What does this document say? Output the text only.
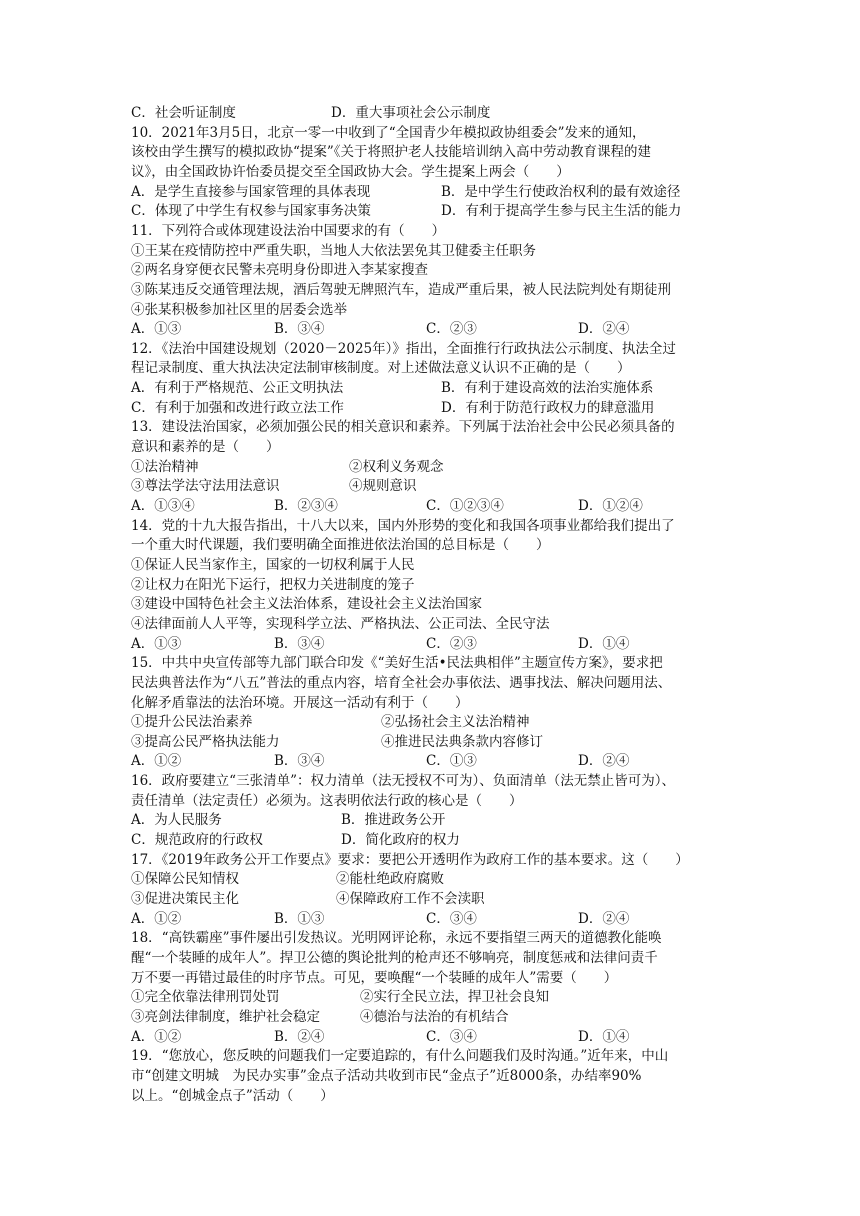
C．社会听证制度	D．重大事项社会公示制度
10．2021年3月5日，北京一零一中收到了“全国青少年模拟政协组委会”发来的通知，
该校由学生撰写的模拟政协“提案”《关于将照护老人技能培训纳入高中劳动教育课程的建
议》，由全国政协许怡委员提交至全国政协大会。学生提案上两会（　　）
A．是学生直接参与国家管理的具体表现	B．是中学生行使政治权利的最有效途径
C．体现了中学生有权参与国家事务决策	D．有利于提高学生参与民主生活的能力
11．下列符合或体现建设法治中国要求的有（　　）
①王某在疫情防控中严重失职，当地人大依法罢免其卫健委主任职务
②两名身穿便衣民警未亮明身份即进入李某家搜查
③陈某违反交通管理法规，酒后驾驶无牌照汽车，造成严重后果，被人民法院判处有期徒刑
④张某积极参加社区里的居委会选举
A．①③	B．③④	C．②③	D．②④
12．《法治中国建设规划（2020－2025年）》指出，全面推行行政执法公示制度、执法全过
程记录制度、重大执法决定法制审核制度。对上述做法意义认识不正确的是（　　）
A．有利于严格规范、公正文明执法	B．有利于建设高效的法治实施体系
C．有利于加强和改进行政立法工作	D．有利于防范行政权力的肆意滥用
13．建设法治国家，必须加强公民的相关意识和素养。下列属于法治社会中公民必须具备的
意识和素养的是（　　）
①法治精神	②权利义务观念
③尊法学法守法用法意识	④规则意识
A．①③④	B．②③④	C．①②③④	D．①②④
14．党的十九大报告指出，十八大以来，国内外形势的变化和我国各项事业都给我们提出了
一个重大时代课题，我们要明确全面推进依法治国的总目标是（　　）
①保证人民当家作主，国家的一切权利属于人民
②让权力在阳光下运行，把权力关进制度的笼子
③建设中国特色社会主义法治体系，建设社会主义法治国家
④法律面前人人平等，实现科学立法、严格执法、公正司法、全民守法
A．①③	B．③④	C．②③	D．①④
15．中共中央宣传部等九部门联合印发《“美好生活•民法典相伴”主题宣传方案》，要求把
民法典普法作为“八五”普法的重点内容，培育全社会办事依法、遇事找法、解决问题用法、
化解矛盾靠法的法治环境。开展这一活动有利于（　　）
①提升公民法治素养	②弘扬社会主义法治精神
③提高公民严格执法能力	④推进民法典条款内容修订
A．①②	B．③④	C．①③	D．②④
16．政府要建立“三张清单”：权力清单（法无授权不可为）、负面清单（法无禁止皆可为）、
责任清单（法定责任）必须为。这表明依法行政的核心是（　　）
A．为人民服务	B．推进政务公开
C．规范政府的行政权	D．简化政府的权力
17．《2019年政务公开工作要点》要求：要把公开透明作为政府工作的基本要求。这（　　）
①保障公民知情权	②能杜绝政府腐败
③促进决策民主化	④保障政府工作不会渎职
A．①②	B．①③	C．③④	D．②④
18．“高铁霸座”事件屡出引发热议。光明网评论称，永远不要指望三两天的道德教化能唤
醒“一个装睡的成年人”。捍卫公德的舆论批判的枪声还不够响亮，制度惩戒和法律问责千
万不要一再错过最佳的时序节点。可见，要唤醒“一个装睡的成年人”需要（　　）
①完全依靠法律刑罚处罚	②实行全民立法，捍卫社会良知
③亮剑法律制度，维护社会稳定	④德治与法治的有机结合
A．①②	B．②④	C．③④	D．①④
19．“您放心，您反映的问题我们一定要追踪的，有什么问题我们及时沟通。”近年来，中山
市“创建文明城　为民办实事”金点子活动共收到市民“金点子”近8000条，办结率90%
以上。“创城金点子”活动（　　）
